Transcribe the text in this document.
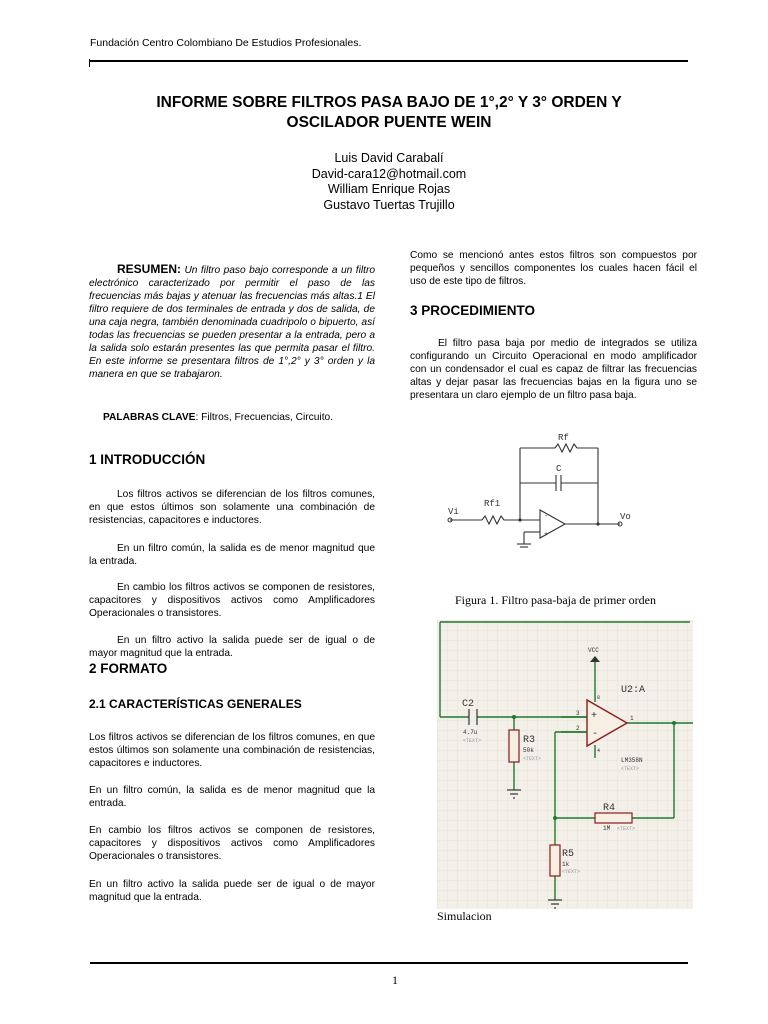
Fundación Centro Colombiano De Estudios Profesionales.
INFORME SOBRE FILTROS PASA BAJO DE 1°,2° Y 3° ORDEN Y
OSCILADOR PUENTE WEIN
Luis David Carabalí
David-cara12@hotmail.com
William Enrique Rojas
Gustavo Tuertas Trujillo
RESUMEN: Un filtro paso bajo corresponde a un filtro electrónico caracterizado por permitir el paso de las frecuencias más bajas y atenuar las frecuencias más altas.1 El filtro requiere de dos terminales de entrada y dos de salida, de una caja negra, también denominada cuadripolo o bipuerto, así todas las frecuencias se pueden presentar a la entrada, pero a la salida solo estarán presentes las que permita pasar el filtro. En este informe se presentara filtros de 1°,2° y 3° orden y la manera en que se trabajaron.
PALABRAS CLAVE: Filtros, Frecuencias, Circuito.
1 INTRODUCCIÓN
Los filtros activos se diferencian de los filtros comunes, en que estos últimos son solamente una combinación de resistencias, capacitores e inductores.
En un filtro común, la salida es de menor magnitud que la entrada.
En cambio los filtros activos se componen de resistores, capacitores y dispositivos activos como Amplificadores Operacionales o transistores.
En un filtro activo la salida puede ser de igual o de mayor magnitud que la entrada.
2 FORMATO
2.1 CARACTERÍSTICAS GENERALES
Los filtros activos se diferencian de los filtros comunes, en que estos últimos son solamente una combinación de resistencias, capacitores e inductores.
En un filtro común, la salida es de menor magnitud que la entrada.
En cambio los filtros activos se componen de resistores, capacitores y dispositivos activos como Amplificadores Operacionales o transistores.
En un filtro activo la salida puede ser de igual o de mayor magnitud que la entrada.
Como se mencionó antes estos filtros son compuestos por pequeños y sencillos componentes los cuales hacen fácil el uso de este tipo de filtros.
3 PROCEDIMIENTO
El filtro pasa baja por medio de integrados se utiliza configurando un Circuito Operacional en modo amplificador con un condensador el cual es capaz de filtrar las frecuencias altas y dejar pasar las frecuencias bajas en la figura uno se presentara un claro ejemplo de un filtro pasa baja.
-
+
Rf
C
Rf1
Vi	Vo
Figura 1. Filtro pasa-baja de primer orden
+
-
VCC
U2:A
C2
4.7u
<TEXT>	R3
50k
<TEXT>
R4
1M <TEXT>
R5
1k
<TEXT>
LM358N
<TEXT>
3
2
1
8
4
Simulacion
1
